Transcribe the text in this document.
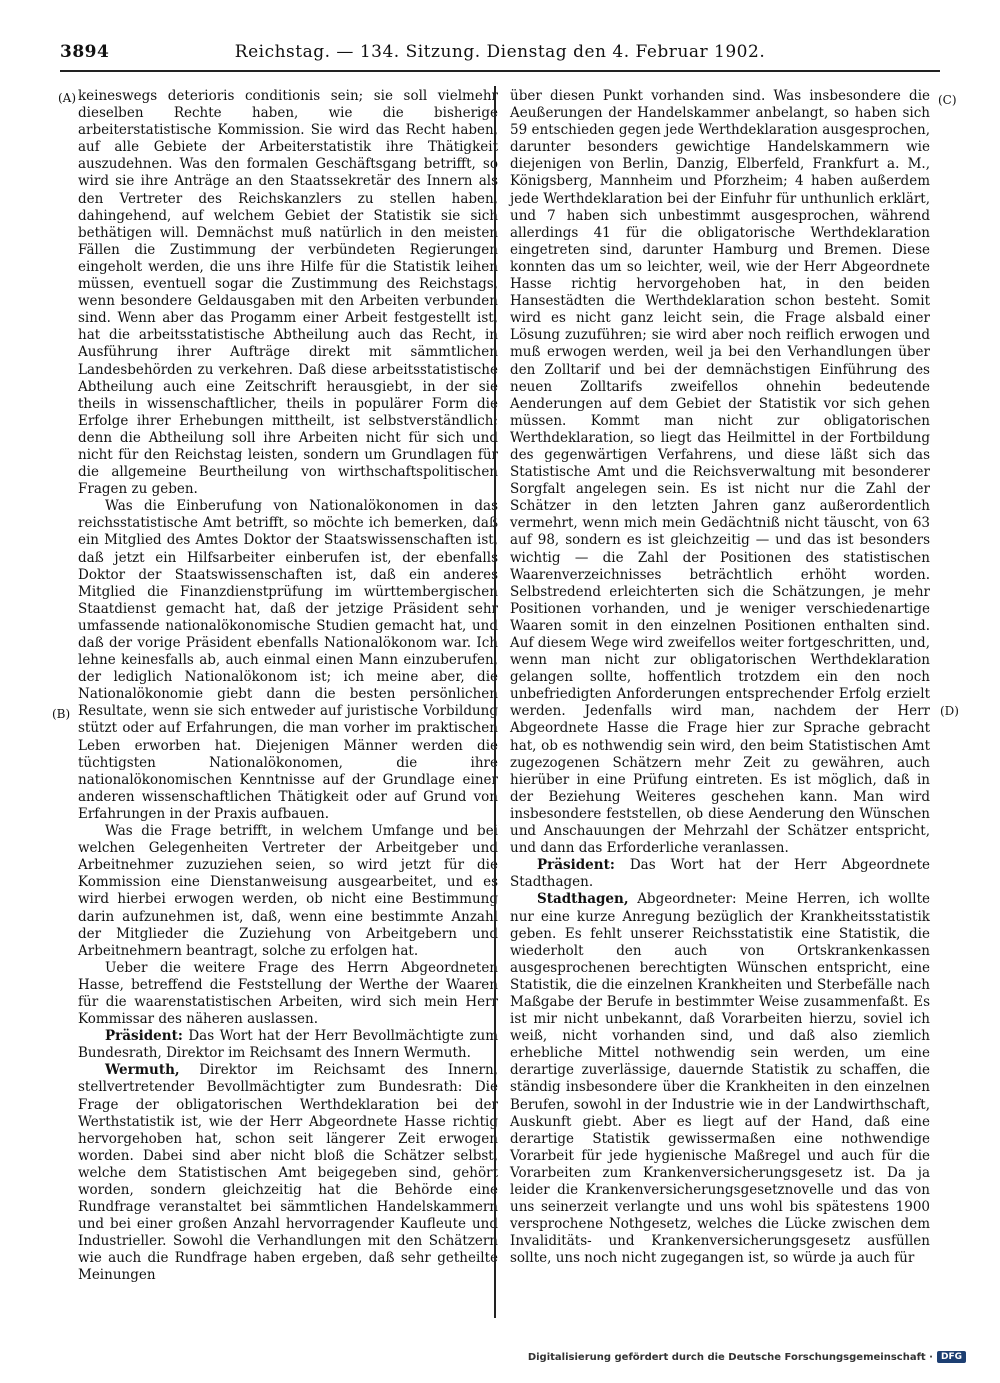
3894	Reichstag. — 134. Sitzung. Dienstag den 4. Februar 1902.
(A)
(B)
(C)
(D)

keineswegs deterioris conditionis sein; sie soll vielmehr dieselben Rechte haben, wie die bisherige arbeiterstatistische Kommission. Sie wird das Recht haben, auf alle Gebiete der Arbeiterstatistik ihre Thätigkeit auszudehnen. Was den formalen Geschäftsgang betrifft, so wird sie ihre Anträge an den Staatssekretär des Innern als den Vertreter des Reichskanzlers zu stellen haben, dahingehend, auf welchem Gebiet der Statistik sie sich bethätigen will. Demnächst muß natürlich in den meisten Fällen die Zustimmung der verbündeten Regierungen eingeholt werden, die uns ihre Hilfe für die Statistik leihen müssen, eventuell sogar die Zustimmung des Reichstags, wenn besondere Geldausgaben mit den Arbeiten verbunden sind. Wenn aber das Progamm einer Arbeit festgestellt ist, hat die arbeitsstatistische Abtheilung auch das Recht, in Ausführung ihrer Aufträge direkt mit sämmtlichen Landesbehörden zu verkehren. Daß diese arbeitsstatistische Abtheilung auch eine Zeitschrift herausgiebt, in der sie theils in wissenschaftlicher, theils in populärer Form die Erfolge ihrer Erhebungen mittheilt, ist selbstverständlich; denn die Abtheilung soll ihre Arbeiten nicht für sich und nicht für den Reichstag leisten, sondern um Grundlagen für die allgemeine Beurtheilung von wirthschaftspolitischen Fragen zu geben.

Was die Einberufung von Nationalökonomen in das reichsstatistische Amt betrifft, so möchte ich bemerken, daß ein Mitglied des Amtes Doktor der Staatswissenschaften ist, daß jetzt ein Hilfsarbeiter einberufen ist, der ebenfalls Doktor der Staatswissenschaften ist, daß ein anderes Mitglied die Finanzdienstprüfung im württembergischen Staatdienst gemacht hat, daß der jetzige Präsident sehr umfassende nationalökonomische Studien gemacht hat, und daß der vorige Präsident ebenfalls Nationalökonom war. Ich lehne keinesfalls ab, auch einmal einen Mann einzuberufen, der lediglich Nationalökonom ist; ich meine aber, die Nationalökonomie giebt dann die besten persönlichen Resultate, wenn sie sich entweder auf juristische Vorbildung stützt oder auf Erfahrungen, die man vorher im praktischen Leben erworben hat. Diejenigen Männer werden die tüchtigsten Nationalökonomen, die ihre nationalökonomischen Kenntnisse auf der Grundlage einer anderen wissenschaftlichen Thätigkeit oder auf Grund von Erfahrungen in der Praxis aufbauen.

Was die Frage betrifft, in welchem Umfange und bei welchen Gelegenheiten Vertreter der Arbeitgeber und Arbeitnehmer zuzuziehen seien, so wird jetzt für die Kommission eine Dienstanweisung ausgearbeitet, und es wird hierbei erwogen werden, ob nicht eine Bestimmung darin aufzunehmen ist, daß, wenn eine bestimmte Anzahl der Mitglieder die Zuziehung von Arbeitgebern und Arbeitnehmern beantragt, solche zu erfolgen hat.

Ueber die weitere Frage des Herrn Abgeordneten Hasse, betreffend die Feststellung der Werthe der Waaren für die waarenstatistischen Arbeiten, wird sich mein Herr Kommissar des näheren auslassen.

Präsident: Das Wort hat der Herr Bevollmächtigte zum Bundesrath, Direktor im Reichsamt des Innern Wermuth.

Wermuth, Direktor im Reichsamt des Innern, stellvertretender Bevollmächtigter zum Bundesrath: Die Frage der obligatorischen Werthdeklaration bei der Werthstatistik ist, wie der Herr Abgeordnete Hasse richtig hervorgehoben hat, schon seit längerer Zeit erwogen worden. Dabei sind aber nicht bloß die Schätzer selbst, welche dem Statistischen Amt beigegeben sind, gehört worden, sondern gleichzeitig hat die Behörde eine Rundfrage veranstaltet bei sämmtlichen Handelskammern und bei einer großen Anzahl hervorragender Kaufleute und Industrieller. Sowohl die Verhandlungen mit den Schätzern wie auch die Rundfrage haben ergeben, daß sehr getheilte Meinungen

über diesen Punkt vorhanden sind. Was insbesondere die Aeußerungen der Handelskammer anbelangt, so haben sich 59 entschieden gegen jede Werthdeklaration ausgesprochen, darunter besonders gewichtige Handelskammern wie diejenigen von Berlin, Danzig, Elberfeld, Frankfurt a. M., Königsberg, Mannheim und Pforzheim; 4 haben außerdem jede Werthdeklaration bei der Einfuhr für unthunlich erklärt, und 7 haben sich unbestimmt ausgesprochen, während allerdings 41 für die obligatorische Werthdeklaration eingetreten sind, darunter Hamburg und Bremen. Diese konnten das um so leichter, weil, wie der Herr Abgeordnete Hasse richtig hervorgehoben hat, in den beiden Hansestädten die Werthdeklaration schon besteht. Somit wird es nicht ganz leicht sein, die Frage alsbald einer Lösung zuzuführen; sie wird aber noch reiflich erwogen und muß erwogen werden, weil ja bei den Verhandlungen über den Zolltarif und bei der demnächstigen Einführung des neuen Zolltarifs zweifellos ohnehin bedeutende Aenderungen auf dem Gebiet der Statistik vor sich gehen müssen. Kommt man nicht zur obligatorischen Werthdeklaration, so liegt das Heilmittel in der Fortbildung des gegenwärtigen Verfahrens, und diese läßt sich das Statistische Amt und die Reichsverwaltung mit besonderer Sorgfalt angelegen sein. Es ist nicht nur die Zahl der Schätzer in den letzten Jahren ganz außerordentlich vermehrt, wenn mich mein Gedächtniß nicht täuscht, von 63 auf 98, sondern es ist gleichzeitig — und das ist besonders wichtig — die Zahl der Positionen des statistischen Waarenverzeichnisses beträchtlich erhöht worden. Selbstredend erleichterten sich die Schätzungen, je mehr Positionen vorhanden, und je weniger verschiedenartige Waaren somit in den einzelnen Positionen enthalten sind. Auf diesem Wege wird zweifellos weiter fortgeschritten, und, wenn man nicht zur obligatorischen Werthdeklaration gelangen sollte, hoffentlich trotzdem ein den noch unbefriedigten Anforderungen entsprechender Erfolg erzielt werden. Jedenfalls wird man, nachdem der Herr Abgeordnete Hasse die Frage hier zur Sprache gebracht hat, ob es nothwendig sein wird, den beim Statistischen Amt zugezogenen Schätzern mehr Zeit zu gewähren, auch hierüber in eine Prüfung eintreten. Es ist möglich, daß in der Beziehung Weiteres geschehen kann. Man wird insbesondere feststellen, ob diese Aenderung den Wünschen und Anschauungen der Mehrzahl der Schätzer entspricht, und dann das Erforderliche veranlassen.

Präsident: Das Wort hat der Herr Abgeordnete Stadthagen.

Stadthagen, Abgeordneter: Meine Herren, ich wollte nur eine kurze Anregung bezüglich der Krankheitsstatistik geben. Es fehlt unserer Reichsstatistik eine Statistik, die wiederholt den auch von Ortskrankenkassen ausgesprochenen berechtigten Wünschen entspricht, eine Statistik, die die einzelnen Krankheiten und Sterbefälle nach Maßgabe der Berufe in bestimmter Weise zusammenfaßt. Es ist mir nicht unbekannt, daß Vorarbeiten hierzu, soviel ich weiß, nicht vorhanden sind, und daß also ziemlich erhebliche Mittel nothwendig sein werden, um eine derartige zuverlässige, dauernde Statistik zu schaffen, die ständig insbesondere über die Krankheiten in den einzelnen Berufen, sowohl in der Industrie wie in der Landwirthschaft, Auskunft giebt. Aber es liegt auf der Hand, daß eine derartige Statistik gewissermaßen eine nothwendige Vorarbeit für jede hygienische Maßregel und auch für die Vorarbeiten zum Krankenversicherungsgesetz ist. Da ja leider die Krankenversicherungsgesetznovelle und das von uns seinerzeit verlangte und uns wohl bis spätestens 1900 versprochene Nothgesetz, welches die Lücke zwischen dem Invaliditäts- und Krankenversicherungsgesetz ausfüllen sollte, uns noch nicht zugegangen ist, so würde ja auch für

Digitalisierung gefördert durch die Deutsche Forschungsgemeinschaft · DFG
